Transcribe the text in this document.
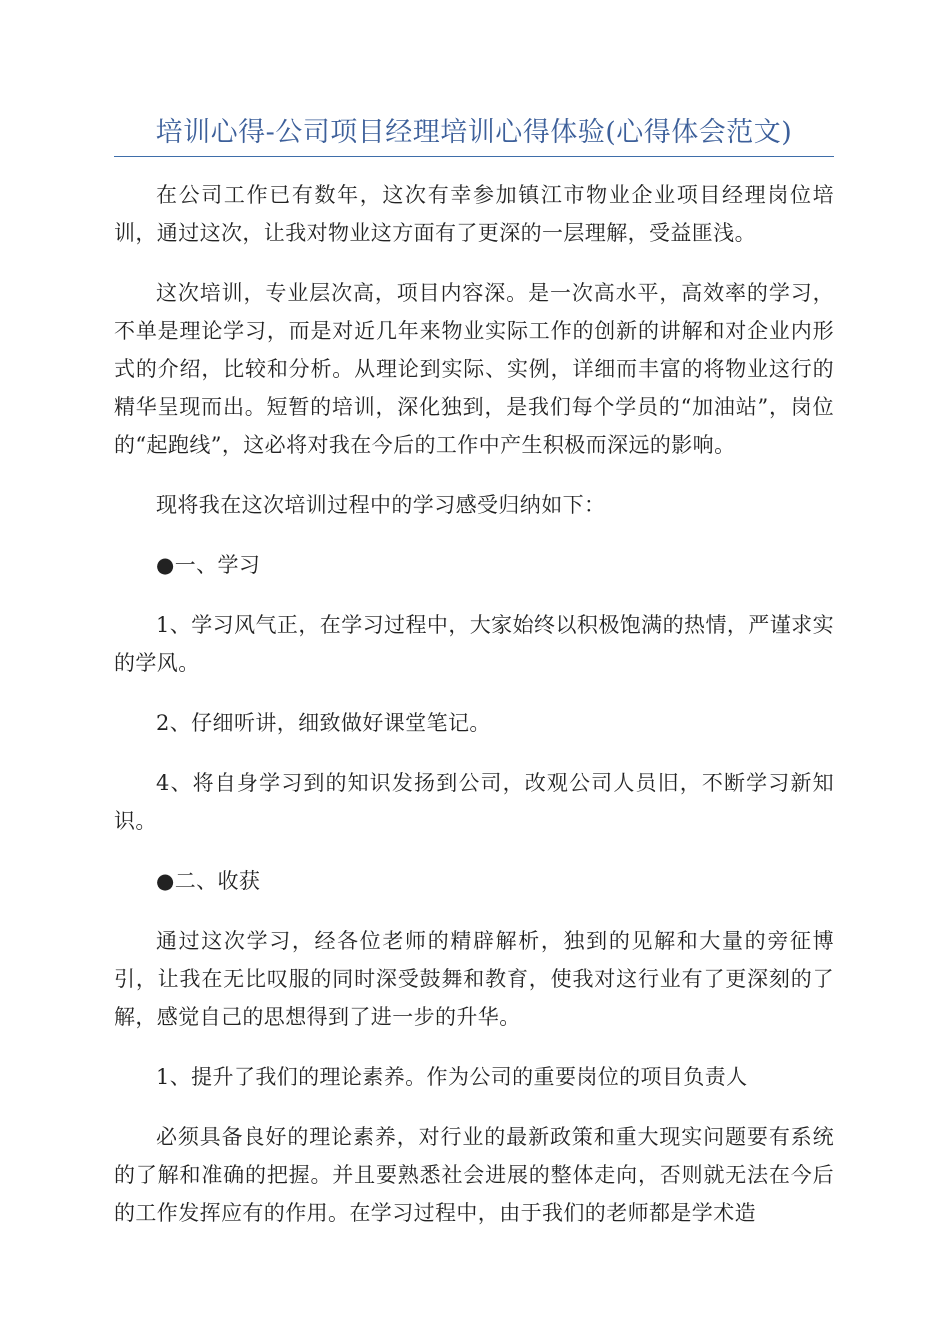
培训心得-公司项目经理培训心得体验(心得体会范文)

在公司工作已有数年，这次有幸参加镇江市物业企业项目经理岗位培训，通过这次，让我对物业这方面有了更深的一层理解，受益匪浅。

这次培训，专业层次高，项目内容深。是一次高水平，高效率的学习，不单是理论学习，而是对近几年来物业实际工作的创新的讲解和对企业内形式的介绍，比较和分析。从理论到实际、实例，详细而丰富的将物业这行的精华呈现而出。短暂的培训，深化独到，是我们每个学员的“加油站”，岗位的“起跑线”，这必将对我在今后的工作中产生积极而深远的影响。

现将我在这次培训过程中的学习感受归纳如下：

●一、学习

1、学习风气正，在学习过程中，大家始终以积极饱满的热情，严谨求实的学风。

2、仔细听讲，细致做好课堂笔记。

4、将自身学习到的知识发扬到公司，改观公司人员旧，不断学习新知识。

●二、收获

通过这次学习，经各位老师的精辟解析，独到的见解和大量的旁征博引，让我在无比叹服的同时深受鼓舞和教育，使我对这行业有了更深刻的了解，感觉自己的思想得到了进一步的升华。

1、提升了我们的理论素养。作为公司的重要岗位的项目负责人

必须具备良好的理论素养，对行业的最新政策和重大现实问题要有系统的了解和准确的把握。并且要熟悉社会进展的整体走向，否则就无法在今后的工作发挥应有的作用。在学习过程中，由于我们的老师都是学术造
